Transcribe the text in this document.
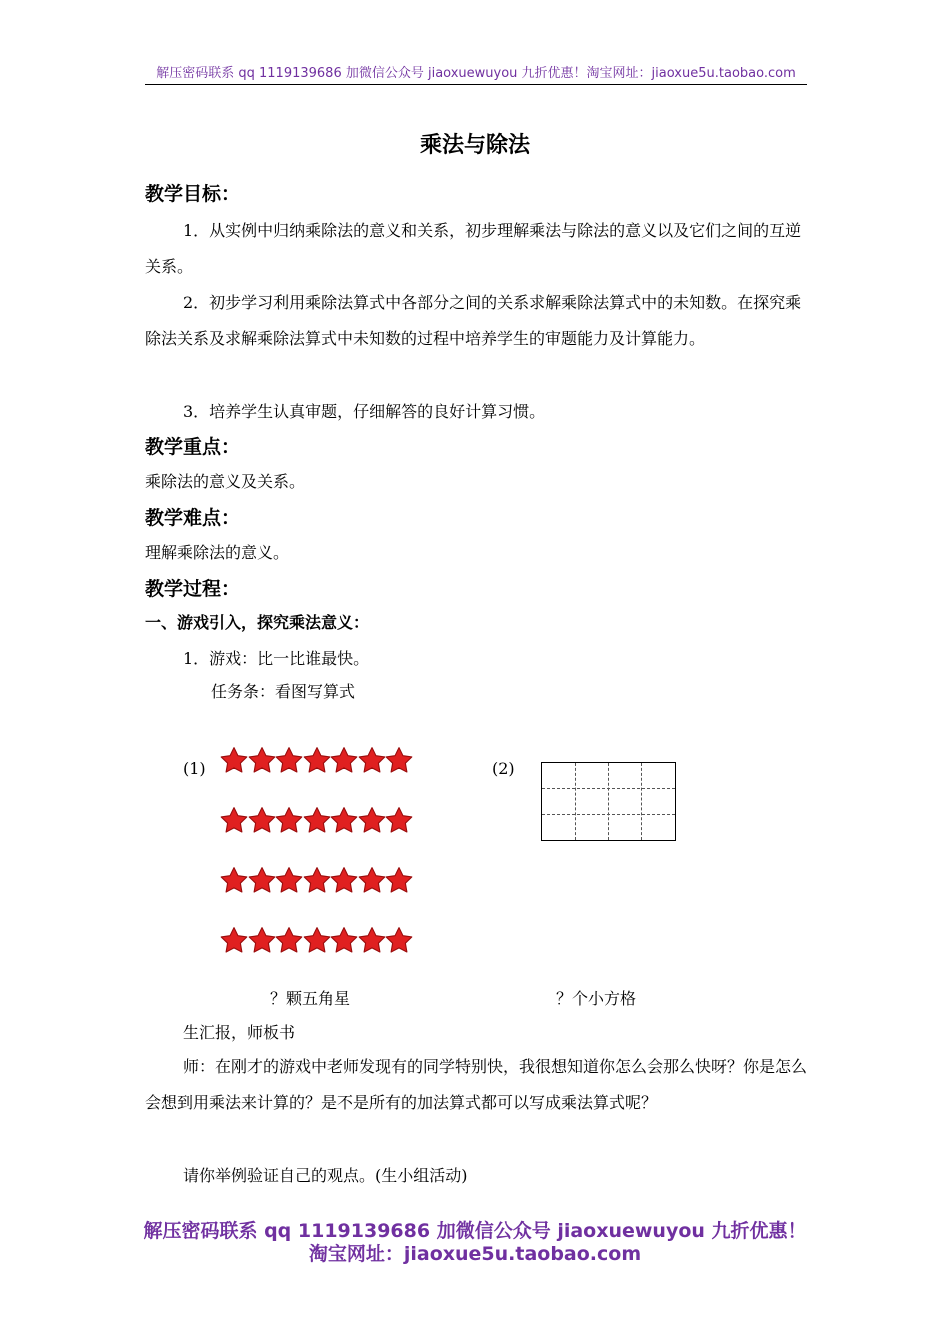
解压密码联系 qq 1119139686 加微信公众号 jiaoxuewuyou 九折优惠！淘宝网址：jiaoxue5u.taobao.com
乘法与除法
教学目标：

1．从实例中归纳乘除法的意义和关系，初步理解乘法与除法的意义以及它们之间的互逆关系。

2．初步学习利用乘除法算式中各部分之间的关系求解乘除法算式中的未知数。在探究乘除法关系及求解乘除法算式中未知数的过程中培养学生的审题能力及计算能力。

3．培养学生认真审题，仔细解答的良好计算习惯。

教学重点：
乘除法的意义及关系。
教学难点：
理解乘除法的意义。
教学过程：
一、游戏引入，探究乘法意义：
1．游戏：比一比谁最快。
任务条：看图写算式
(1)	(2)
？颗五角星	？个小方格
生汇报，师板书

师：在刚才的游戏中老师发现有的同学特别快，我很想知道你怎么会那么快呀？你是怎么会想到用乘法来计算的？是不是所有的加法算式都可以写成乘法算式呢？

请你举例验证自己的观点。(生小组活动)
解压密码联系 qq 1119139686 加微信公众号 jiaoxuewuyou 九折优惠！
淘宝网址：jiaoxue5u.taobao.com
